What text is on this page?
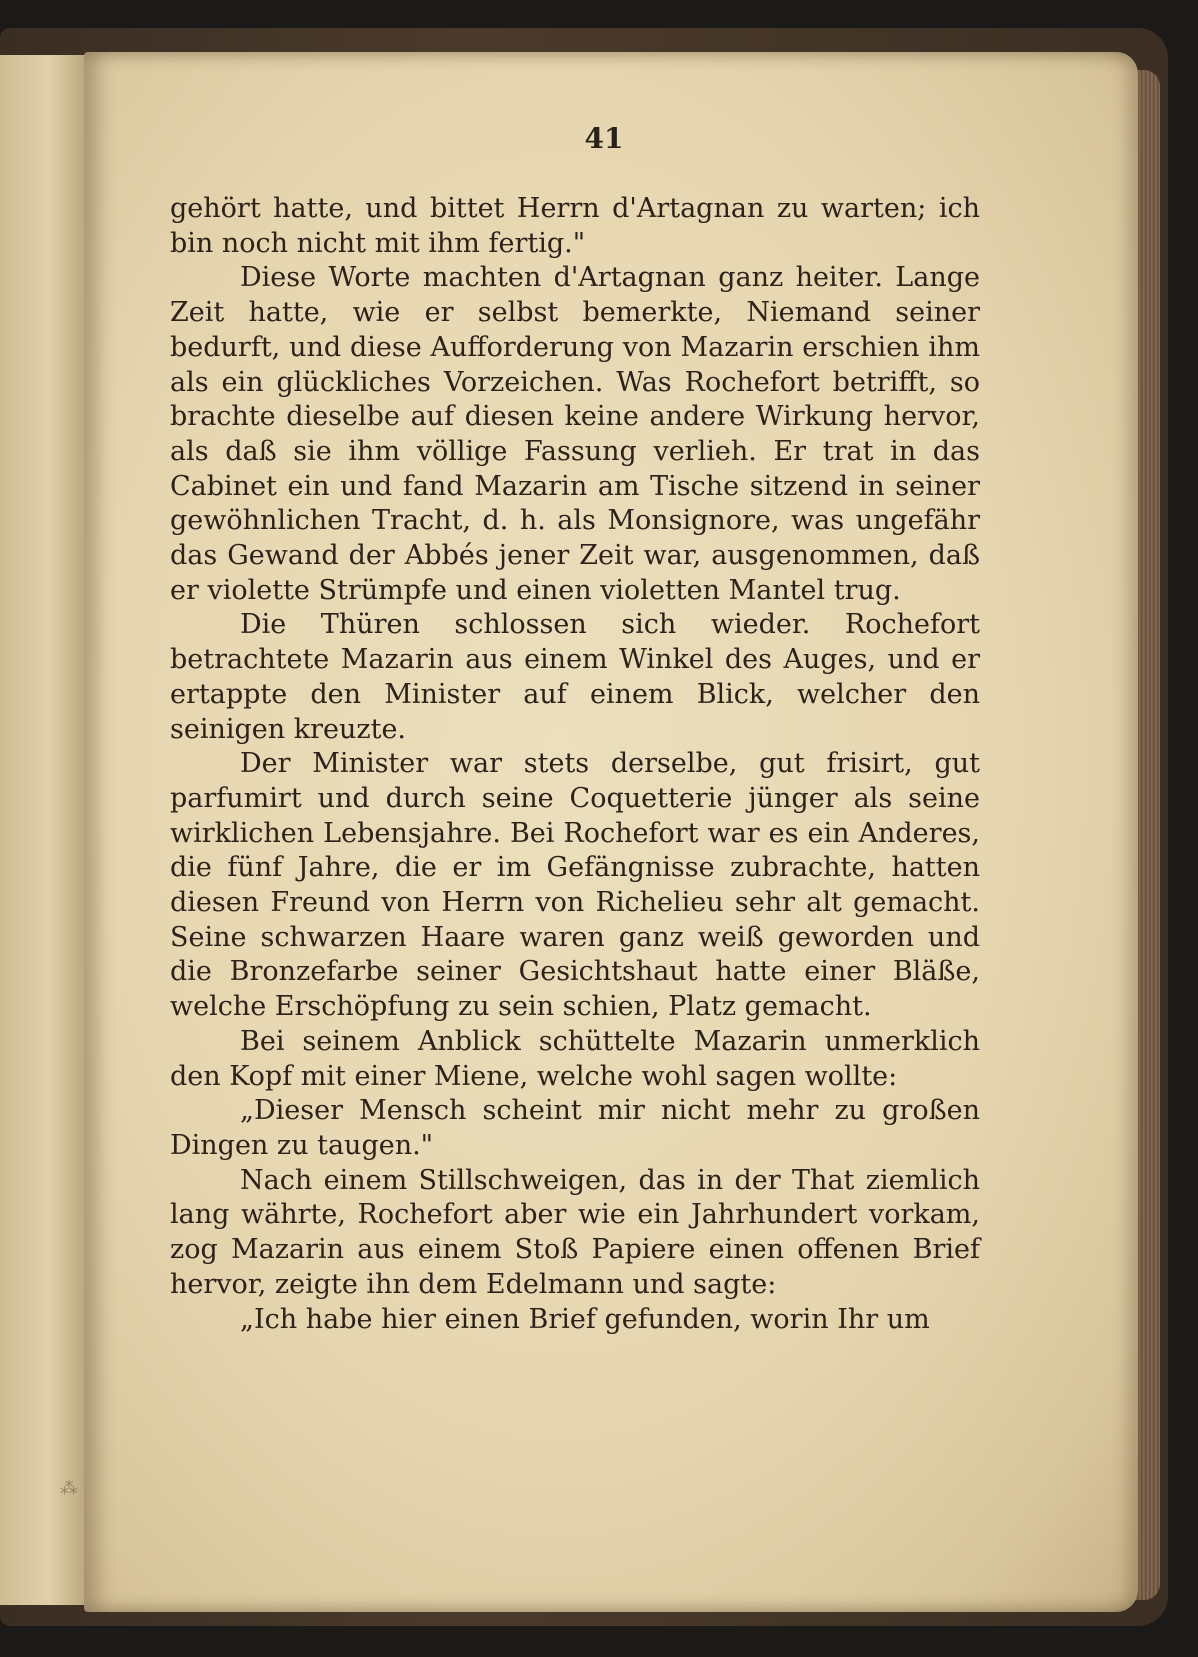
41

gehört hatte, und bittet Herrn d'Artagnan zu warten; ich bin noch nicht mit ihm fertig."

Diese Worte machten d'Artagnan ganz heiter. Lange Zeit hatte, wie er selbst bemerkte, Niemand seiner bedurft, und diese Aufforderung von Mazarin erschien ihm als ein glückliches Vorzeichen. Was Rochefort betrifft, so brachte dieselbe auf diesen keine andere Wirkung hervor, als daß sie ihm völlige Fassung verlieh. Er trat in das Cabinet ein und fand Mazarin am Tische sitzend in seiner gewöhnlichen Tracht, d. h. als Monsignore, was ungefähr das Gewand der Abbés jener Zeit war, ausgenommen, daß er violette Strümpfe und einen violetten Mantel trug.

Die Thüren schlossen sich wieder. Rochefort betrachtete Mazarin aus einem Winkel des Auges, und er ertappte den Minister auf einem Blick, welcher den seinigen kreuzte.

Der Minister war stets derselbe, gut frisirt, gut parfumirt und durch seine Coquetterie jünger als seine wirklichen Lebensjahre. Bei Rochefort war es ein Anderes, die fünf Jahre, die er im Gefängnisse zubrachte, hatten diesen Freund von Herrn von Richelieu sehr alt gemacht. Seine schwarzen Haare waren ganz weiß geworden und die Bronzefarbe seiner Gesichtshaut hatte einer Bläße, welche Erschöpfung zu sein schien, Platz gemacht.

Bei seinem Anblick schüttelte Mazarin unmerklich den Kopf mit einer Miene, welche wohl sagen wollte:

„Dieser Mensch scheint mir nicht mehr zu großen Dingen zu taugen."

Nach einem Stillschweigen, das in der That ziemlich lang währte, Rochefort aber wie ein Jahrhundert vorkam, zog Mazarin aus einem Stoß Papiere einen offenen Brief hervor, zeigte ihn dem Edelmann und sagte:

„Ich habe hier einen Brief gefunden, worin Ihr um

⁂
